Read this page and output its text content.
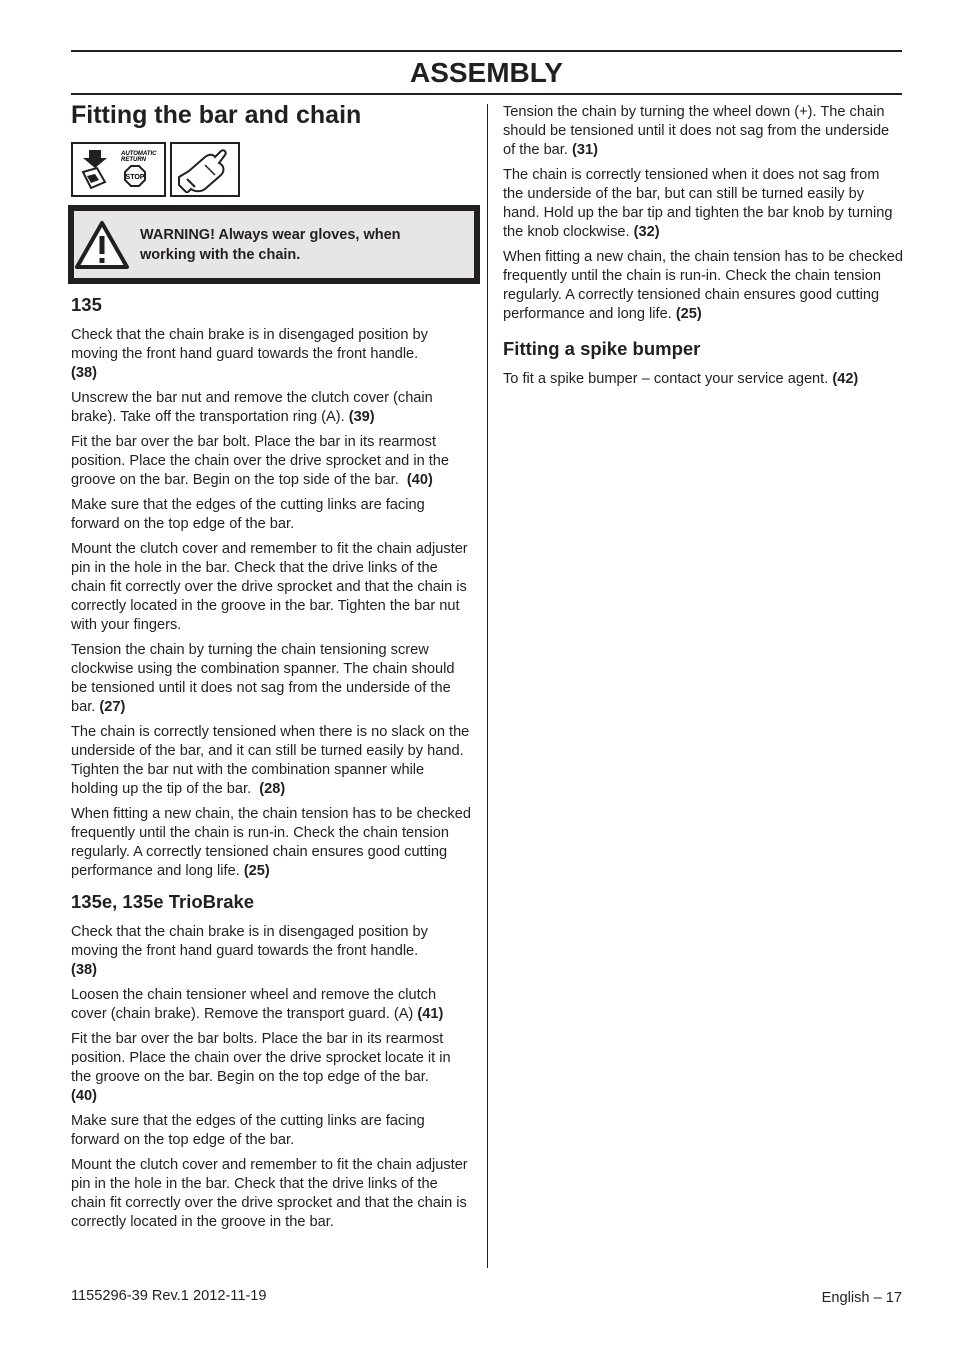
ASSEMBLY
Fitting the bar and chain
AUTOMATIC
RETURN
STOP
WARNING! Always wear gloves, when working with the chain.
135

Check that the chain brake is in disengaged position by moving the front hand guard towards the front handle.
(38)

Unscrew the bar nut and remove the clutch cover (chain brake). Take off the transportation ring (A). (39)

Fit the bar over the bar bolt. Place the bar in its rearmost position. Place the chain over the drive sprocket and in the groove on the bar. Begin on the top side of the bar. (40)

Make sure that the edges of the cutting links are facing forward on the top edge of the bar.

Mount the clutch cover and remember to fit the chain adjuster pin in the hole in the bar. Check that the drive links of the chain fit correctly over the drive sprocket and that the chain is correctly located in the groove in the bar. Tighten the bar nut with your fingers.

Tension the chain by turning the chain tensioning screw clockwise using the combination spanner. The chain should be tensioned until it does not sag from the underside of the bar. (27)

The chain is correctly tensioned when there is no slack on the underside of the bar, and it can still be turned easily by hand. Tighten the bar nut with the combination spanner while holding up the tip of the bar. (28)

When fitting a new chain, the chain tension has to be checked frequently until the chain is run-in. Check the chain tension regularly. A correctly tensioned chain ensures good cutting performance and long life. (25)

135e, 135e TrioBrake

Check that the chain brake is in disengaged position by moving the front hand guard towards the front handle.
(38)

Loosen the chain tensioner wheel and remove the clutch cover (chain brake). Remove the transport guard. (A) (41)

Fit the bar over the bar bolts. Place the bar in its rearmost position. Place the chain over the drive sprocket locate it in the groove on the bar. Begin on the top edge of the bar.
(40)

Make sure that the edges of the cutting links are facing forward on the top edge of the bar.

Mount the clutch cover and remember to fit the chain adjuster pin in the hole in the bar. Check that the drive links of the chain fit correctly over the drive sprocket and that the chain is correctly located in the groove in the bar.

Tension the chain by turning the wheel down (+). The chain should be tensioned until it does not sag from the underside of the bar. (31)

The chain is correctly tensioned when it does not sag from the underside of the bar, but can still be turned easily by hand. Hold up the bar tip and tighten the bar knob by turning the knob clockwise. (32)

When fitting a new chain, the chain tension has to be checked frequently until the chain is run-in. Check the chain tension regularly. A correctly tensioned chain ensures good cutting performance and long life. (25)

Fitting a spike bumper

To fit a spike bumper – contact your service agent. (42)

1155296-39 Rev.1 2012-11-19	English – 17
